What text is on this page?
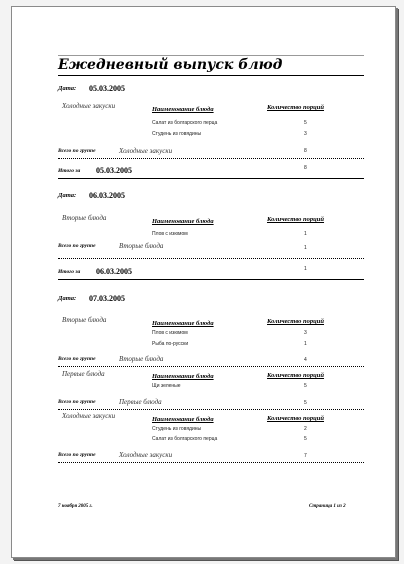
Ежедневный выпуск блюд
Дата: 05.03.2005
Холодные закуски	Наименование блюда	Количество порций
Салат из болгарского перца	5
Студень из говядины	3
Всего по группе	Холодные закуски	8
Итого за 05.03.2005	8
Дата: 06.03.2005
Вторые блюда	Наименование блюда	Количество порций
Плов с изюмом	1
Всего по группе	Вторые блюда	1
Итого за 06.03.2005	1
Дата: 07.03.2005
Вторые блюда	Наименование блюда	Количество порций
Плов с изюмом	3
Рыба по-русски	1
Всего по группе	Вторые блюда	4
Первые блюда	Наименование блюда	Количество порций
Щи зеленые	5
Всего по группе	Первые блюда	5
Холодные закуски	Наименование блюда	Количество порций
Студень из говядины	2
Салат из болгарского перца	5
Всего по группе	Холодные закуски	7
7 ноября 2005 г.	Страница 1 из 2
